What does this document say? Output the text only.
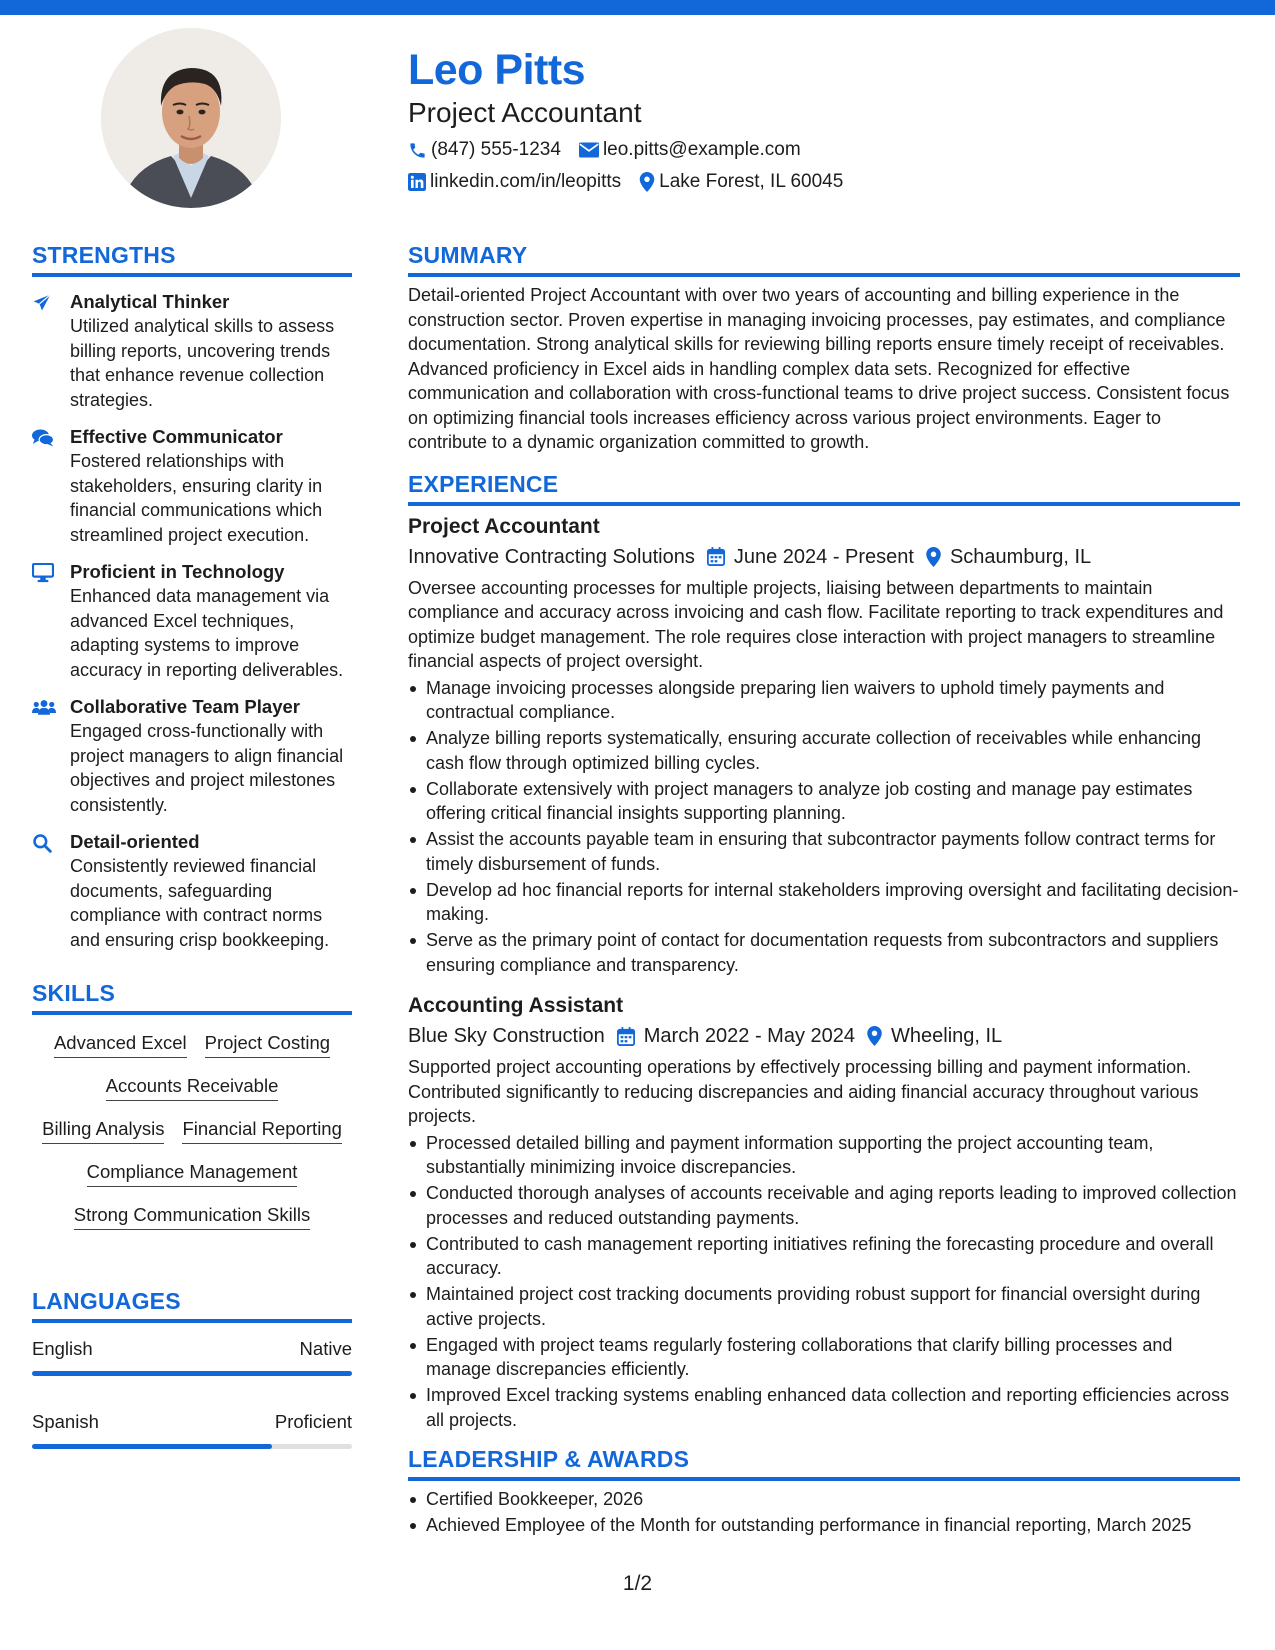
Leo Pitts
Project Accountant
(847) 555-1234 leo.pitts@example.com
linkedin.com/in/leopitts Lake Forest, IL 60045
STRENGTHS
Analytical Thinker
Utilized analytical skills to assess billing reports, uncovering trends that enhance revenue collection strategies.
Effective Communicator
Fostered relationships with stakeholders, ensuring clarity in financial communications which streamlined project execution.
Proficient in Technology
Enhanced data management via advanced Excel techniques, adapting systems to improve accuracy in reporting deliverables.
Collaborative Team Player
Engaged cross-functionally with project managers to align financial objectives and project milestones consistently.
Detail-oriented
Consistently reviewed financial documents, safeguarding compliance with contract norms and ensuring crisp bookkeeping.
SKILLS
Advanced Excel Project Costing
Accounts Receivable
Billing Analysis Financial Reporting
Compliance Management
Strong Communication Skills
LANGUAGES
English	Native
Spanish	Proficient
SUMMARY
Detail-oriented Project Accountant with over two years of accounting and billing experience in the construction sector. Proven expertise in managing invoicing processes, pay estimates, and compliance documentation. Strong analytical skills for reviewing billing reports ensure timely receipt of receivables. Advanced proficiency in Excel aids in handling complex data sets. Recognized for effective communication and collaboration with cross-functional teams to drive project success. Consistent focus on optimizing financial tools increases efficiency across various project environments. Eager to contribute to a dynamic organization committed to growth.
EXPERIENCE
Project Accountant
Innovative Contracting Solutions June 2024 - Present Schaumburg, IL
Oversee accounting processes for multiple projects, liaising between departments to maintain compliance and accuracy across invoicing and cash flow. Facilitate reporting to track expenditures and optimize budget management. The role requires close interaction with project managers to streamline financial aspects of project oversight.
Manage invoicing processes alongside preparing lien waivers to uphold timely payments and contractual compliance.
Analyze billing reports systematically, ensuring accurate collection of receivables while enhancing cash flow through optimized billing cycles.
Collaborate extensively with project managers to analyze job costing and manage pay estimates offering critical financial insights supporting planning.
Assist the accounts payable team in ensuring that subcontractor payments follow contract terms for timely disbursement of funds.
Develop ad hoc financial reports for internal stakeholders improving oversight and facilitating decision-making.
Serve as the primary point of contact for documentation requests from subcontractors and suppliers ensuring compliance and transparency.
Accounting Assistant
Blue Sky Construction March 2022 - May 2024 Wheeling, IL
Supported project accounting operations by effectively processing billing and payment information. Contributed significantly to reducing discrepancies and aiding financial accuracy throughout various projects.
Processed detailed billing and payment information supporting the project accounting team, substantially minimizing invoice discrepancies.
Conducted thorough analyses of accounts receivable and aging reports leading to improved collection processes and reduced outstanding payments.
Contributed to cash management reporting initiatives refining the forecasting procedure and overall accuracy.
Maintained project cost tracking documents providing robust support for financial oversight during active projects.
Engaged with project teams regularly fostering collaborations that clarify billing processes and manage discrepancies efficiently.
Improved Excel tracking systems enabling enhanced data collection and reporting efficiencies across all projects.
LEADERSHIP & AWARDS
Certified Bookkeeper, 2026
Achieved Employee of the Month for outstanding performance in financial reporting, March 2025
1/2
